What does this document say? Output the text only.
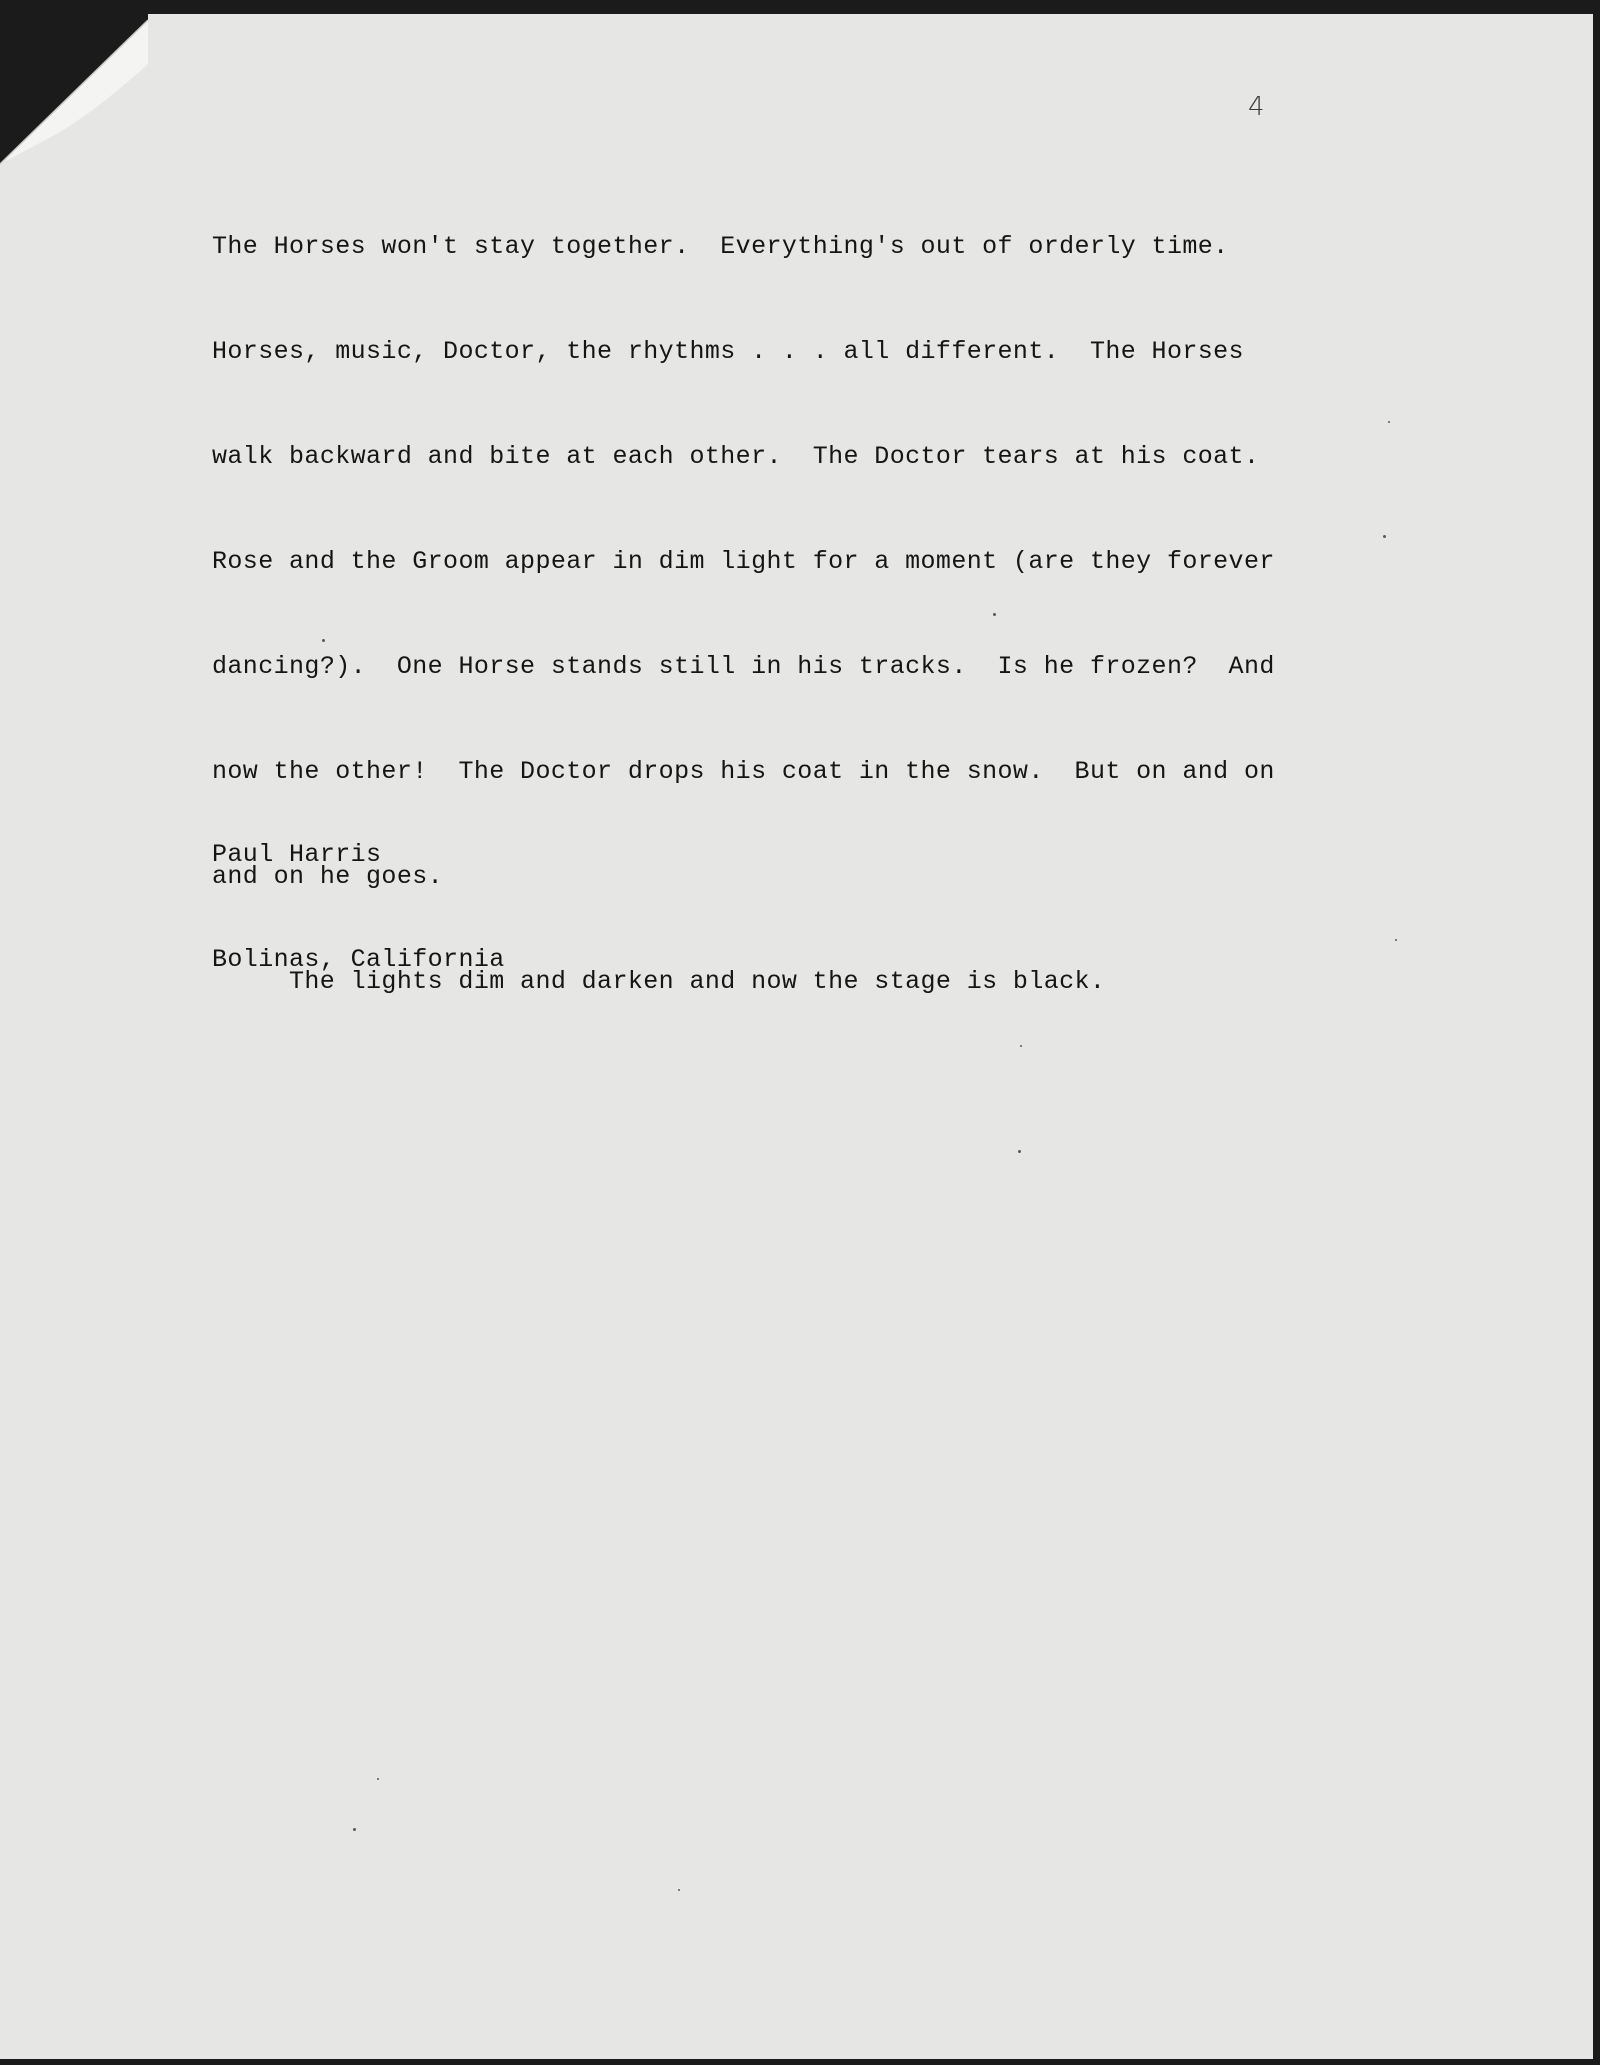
4

The Horses won't stay together.  Everything's out of orderly time.

Horses, music, Doctor, the rhythms . . . all different.  The Horses

walk backward and bite at each other.  The Doctor tears at his coat.

Rose and the Groom appear in dim light for a moment (are they forever

dancing?).  One Horse stands still in his tracks.  Is he frozen?  And

now the other!  The Doctor drops his coat in the snow.  But on and on

and on he goes.

The lights dim and darken and now the stage is black.

Paul Harris

Bolinas, California
